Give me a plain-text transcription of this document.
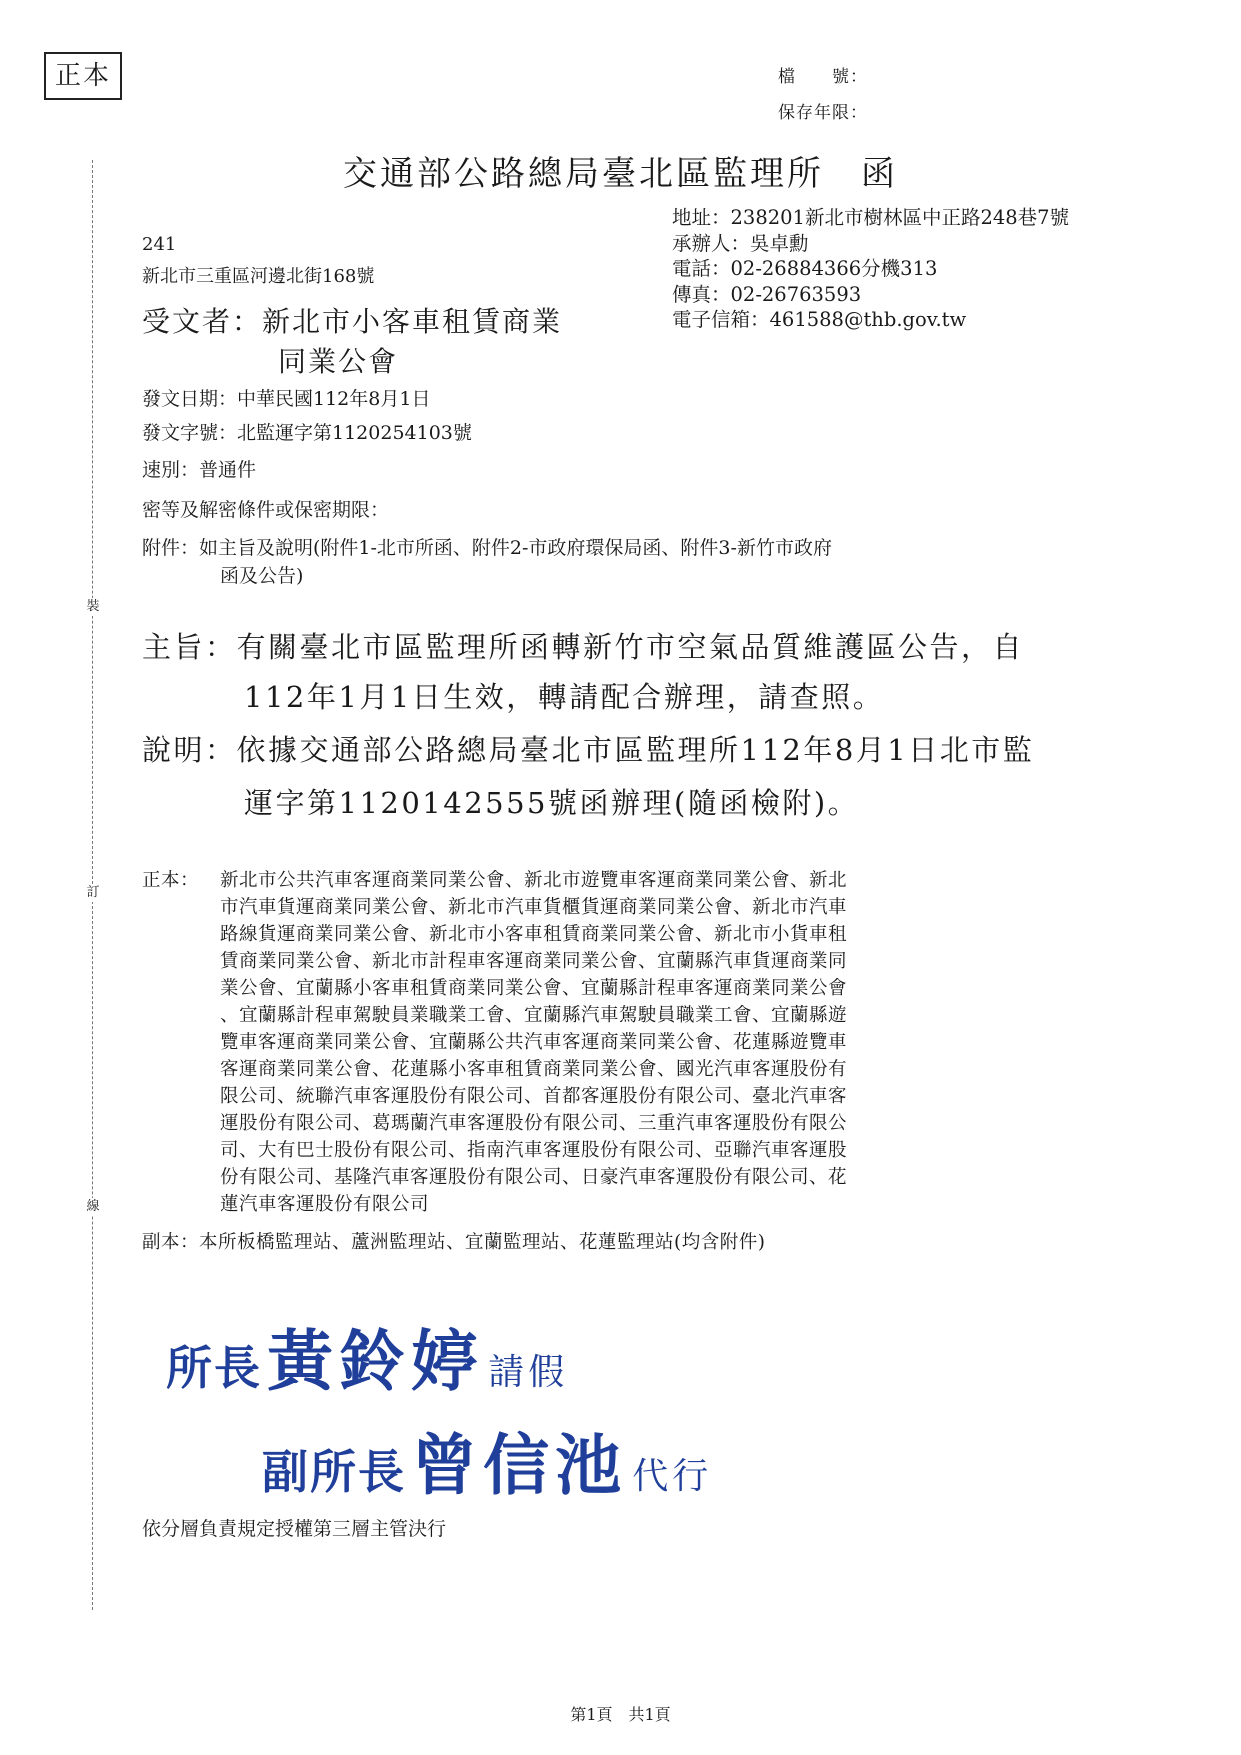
正本	檔　　號：
保存年限：
裝
訂
線
交通部公路總局臺北區監理所　函
地址：238201新北市樹林區中正路248巷7號
承辦人：吳卓勳
電話：02-26884366分機313
傳真：02-26763593
電子信箱：461588@thb.gov.tw
241
新北市三重區河邊北街168號
受文者：新北市小客車租賃商業
同業公會
發文日期：中華民國112年8月1日
發文字號：北監運字第1120254103號
速別：普通件
密等及解密條件或保密期限：
附件：如主旨及說明(附件1-北市所函、附件2-市政府環保局函、附件3-新竹市政府
函及公告)
主旨：有關臺北市區監理所函轉新竹市空氣品質維護區公告，自
112年1月1日生效，轉請配合辦理，請查照。
說明：依據交通部公路總局臺北市區監理所112年8月1日北市監
運字第1120142555號函辦理(隨函檢附)。
正本： 新北市公共汽車客運商業同業公會、新北市遊覽車客運商業同業公會、新北
市汽車貨運商業同業公會、新北市汽車貨櫃貨運商業同業公會、新北市汽車
路線貨運商業同業公會、新北市小客車租賃商業同業公會、新北市小貨車租
賃商業同業公會、新北市計程車客運商業同業公會、宜蘭縣汽車貨運商業同
業公會、宜蘭縣小客車租賃商業同業公會、宜蘭縣計程車客運商業同業公會
、宜蘭縣計程車駕駛員業職業工會、宜蘭縣汽車駕駛員職業工會、宜蘭縣遊
覽車客運商業同業公會、宜蘭縣公共汽車客運商業同業公會、花蓮縣遊覽車
客運商業同業公會、花蓮縣小客車租賃商業同業公會、國光汽車客運股份有
限公司、統聯汽車客運股份有限公司、首都客運股份有限公司、臺北汽車客
運股份有限公司、葛瑪蘭汽車客運股份有限公司、三重汽車客運股份有限公
司、大有巴士股份有限公司、指南汽車客運股份有限公司、亞聯汽車客運股
份有限公司、基隆汽車客運股份有限公司、日豪汽車客運股份有限公司、花
蓮汽車客運股份有限公司
副本：本所板橋監理站、蘆洲監理站、宜蘭監理站、花蓮監理站(均含附件)
所長 黃鈴婷 請假
副所長 曾信池 代行
依分層負責規定授權第三層主管決行
第1頁　共1頁
